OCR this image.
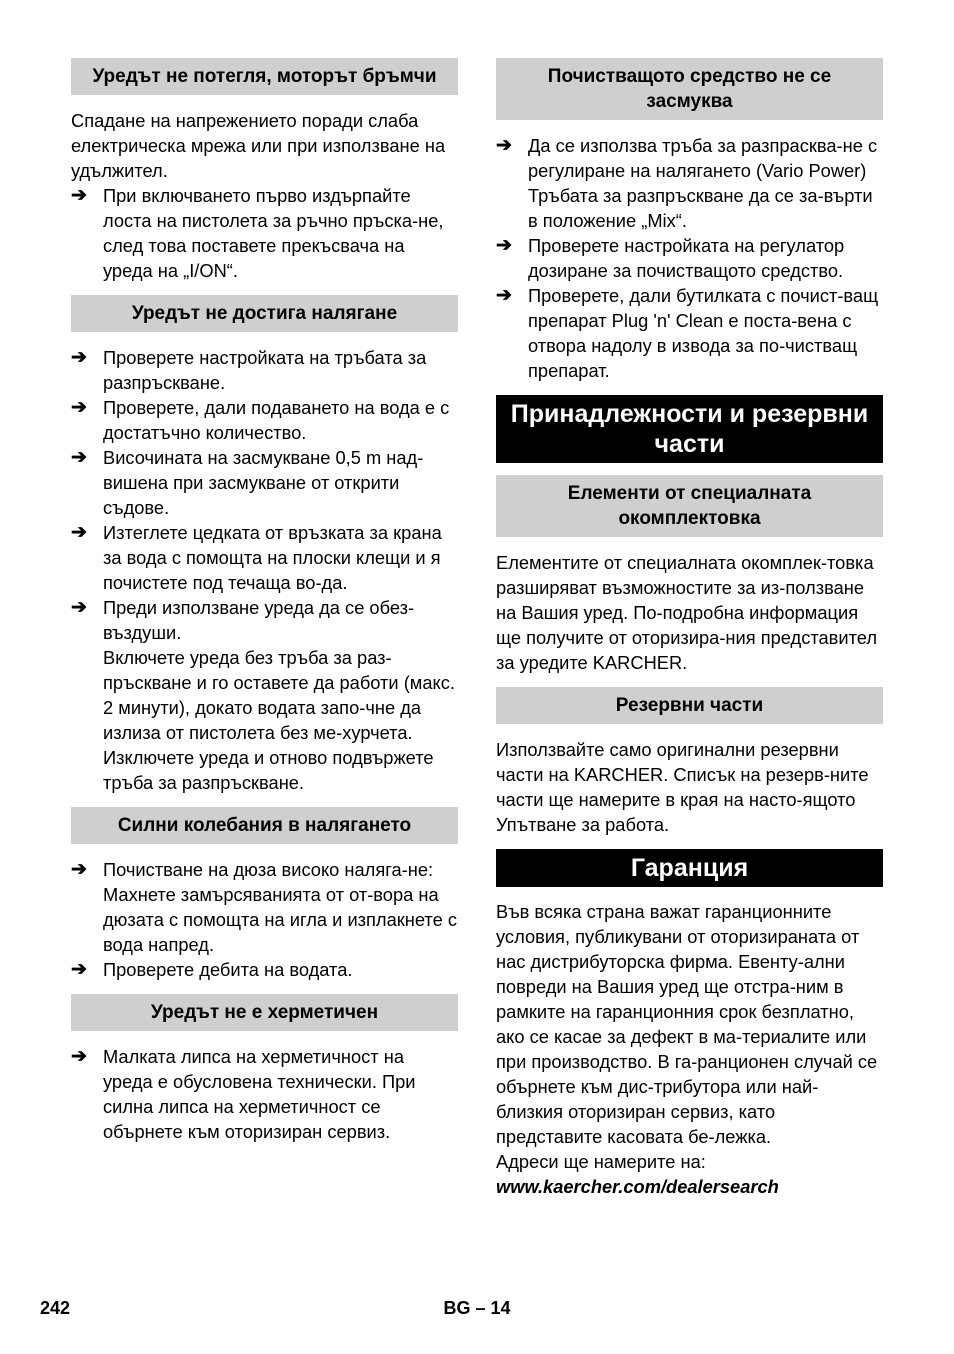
Уредът не потегля, моторът бръмчи
Спадане на напрежението поради слаба електрическа мрежа или при използване на удължител.
➔ При включването първо издърпайте лоста на пистолета за ръчно пръска-не, след това поставете прекъсвача на уреда на „I/ON“.
Уредът не достига налягане
➔ Проверете настройката на тръбата за разпръскване.
➔ Проверете, дали подаването на вода е с достатъчно количество.
➔ Височината на засмукване 0,5 m над-вишена при засмукване от открити съдове.
➔ Изтеглете цедката от връзката за крана за вода с помощта на плоски клещи и я почистете под течаща во-да.
➔ Преди използване уреда да се обез-въздуши.
Включете уреда без тръба за раз-пръскване и го оставете да работи (макс. 2 минути), докато водата запо-чне да излиза от пистолета без ме-хурчета. Изключете уреда и отново подвържете тръба за разпръскване.
Силни колебания в налягането
➔ Почистване на дюза високо наляга-не: Махнете замърсяванията от от-вора на дюзата с помощта на игла и изплакнете с вода напред.
➔ Проверете дебита на водата.
Уредът не е херметичен
➔ Малката липса на херметичност на уреда е обусловена технически. При силна липса на херметичност се обърнете към оторизиран сервиз.
Почистващото средство не се засмуква
➔ Да се използва тръба за разпрасква-не с регулиране на налягането (Vario Power)
Тръбата за разпръскване да се за-върти в положение „Mix“.
➔ Проверете настройката на регулатор дозиране за почистващото средство.
➔ Проверете, дали бутилката с почист-ващ препарат Plug 'n' Clean е поста-вена с отвора надолу в извода за по-чистващ препарат.
Принадлежности и резервни части
Елементи от специалната окомплектовка
Елементите от специалната окомплек-товка разширяват възможностите за из-ползване на Вашия уред. По-подробна информация ще получите от оторизира-ния представител за уредите KARCHER.
Резервни части
Използвайте само оригинални резервни части на KARCHER. Списък на резерв-ните части ще намерите в края на насто-ящото Упътване за работа.
Гаранция
Във всяка страна важат гаранционните условия, публикувани от оторизираната от нас дистрибуторска фирма. Евенту-ални повреди на Вашия уред ще отстра-ним в рамките на гаранционния срок безплатно, ако се касае за дефект в ма-териалите или при производство. В га-ранционен случай се обърнете към дис-трибутора или най-близкия оторизиран сервиз, като представите касовата бе-лежка.
Адреси ще намерите на:
www.kaercher.com/dealersearch
242	BG – 14
